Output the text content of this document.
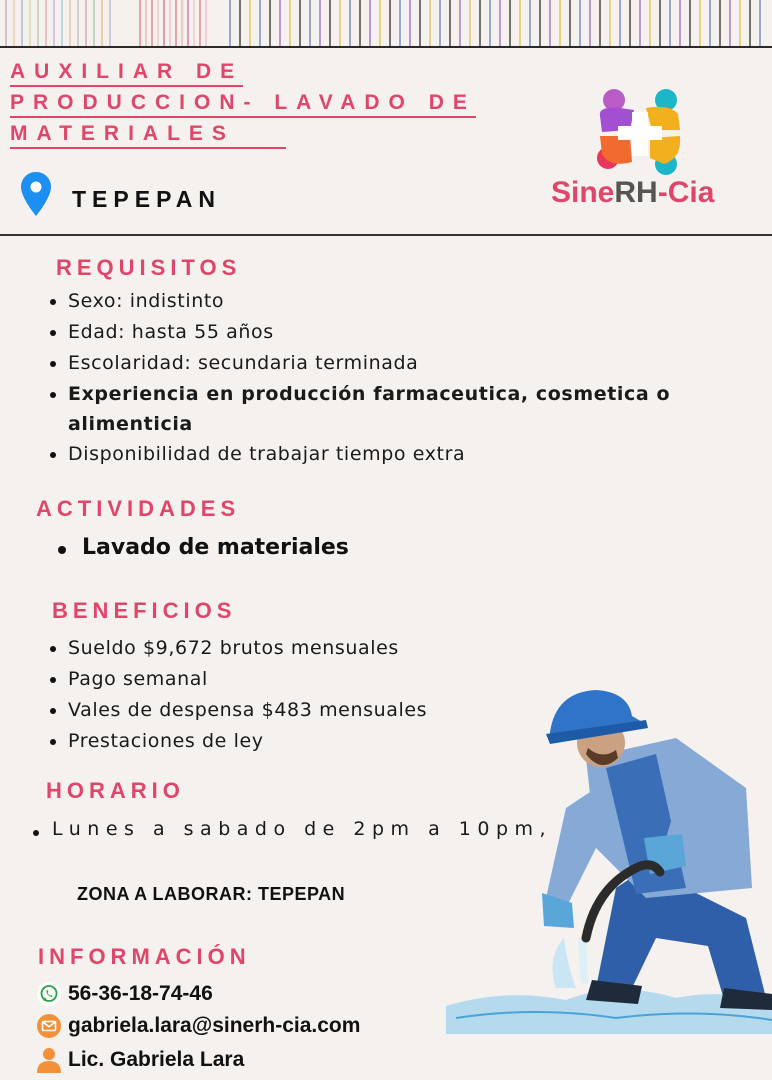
AUXILIAR DE
PRODUCCION- LAVADO DE
MATERIALES
TEPEPAN	SineRH-Cia
REQUISITOS
Sexo: indistinto
Edad: hasta 55 años
Escolaridad: secundaria terminada
Experiencia en producción farmaceutica, cosmetica o alimenticia
Disponibilidad de trabajar tiempo extra
ACTIVIDADES
Lavado de materiales
BENEFICIOS
Sueldo $9,672 brutos mensuales
Pago semanal
Vales de despensa $483 mensuales
Prestaciones de ley
HORARIO
Lunes a sabado de 2pm a 10pm,
ZONA A LABORAR: TEPEPAN
INFORMACIÓN
56-36-18-74-46
gabriela.lara@sinerh-cia.com
Lic. Gabriela Lara
